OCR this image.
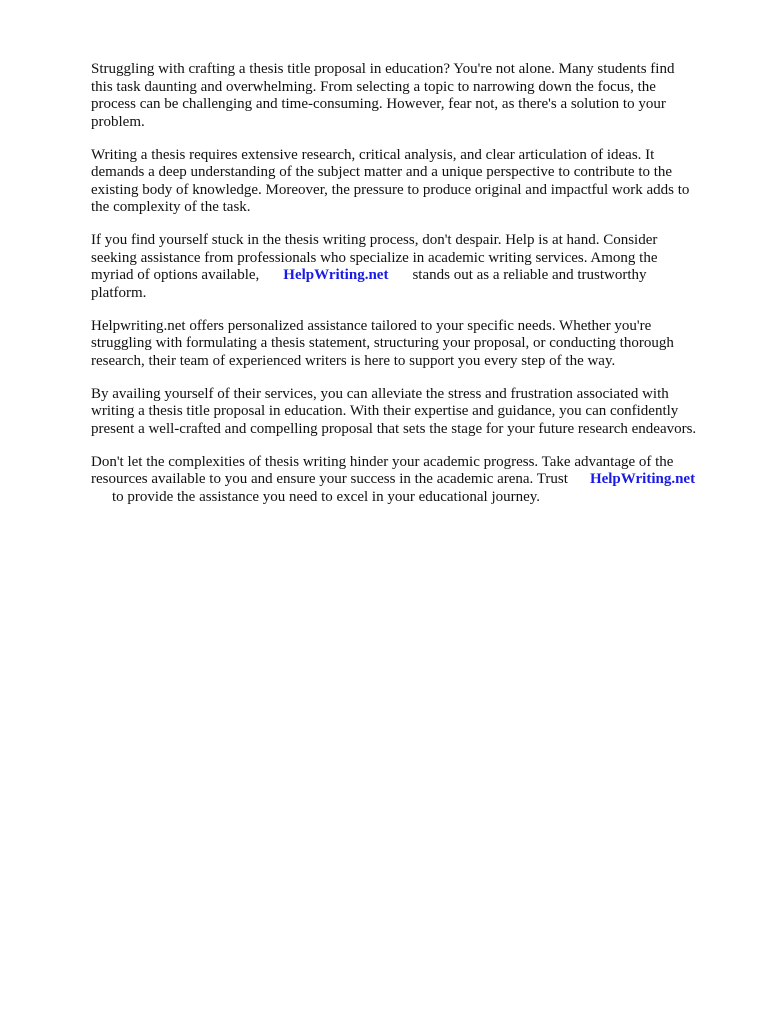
Struggling with crafting a thesis title proposal in education? You're not alone. Many students find
this task daunting and overwhelming. From selecting a topic to narrowing down the focus, the
process can be challenging and time-consuming. However, fear not, as there's a solution to your
problem.
Writing a thesis requires extensive research, critical analysis, and clear articulation of ideas. It
demands a deep understanding of the subject matter and a unique perspective to contribute to the
existing body of knowledge. Moreover, the pressure to produce original and impactful work adds to
the complexity of the task.
If you find yourself stuck in the thesis writing process, don't despair. Help is at hand. Consider
seeking assistance from professionals who specialize in academic writing services. Among the
myriad of options available, HelpWriting.net stands out as a reliable and trustworthy
platform.
Helpwriting.net offers personalized assistance tailored to your specific needs. Whether you're
struggling with formulating a thesis statement, structuring your proposal, or conducting thorough
research, their team of experienced writers is here to support you every step of the way.
By availing yourself of their services, you can alleviate the stress and frustration associated with
writing a thesis title proposal in education. With their expertise and guidance, you can confidently
present a well-crafted and compelling proposal that sets the stage for your future research endeavors.
Don't let the complexities of thesis writing hinder your academic progress. Take advantage of the
resources available to you and ensure your success in the academic arena. Trust HelpWriting.net
to provide the assistance you need to excel in your educational journey.
